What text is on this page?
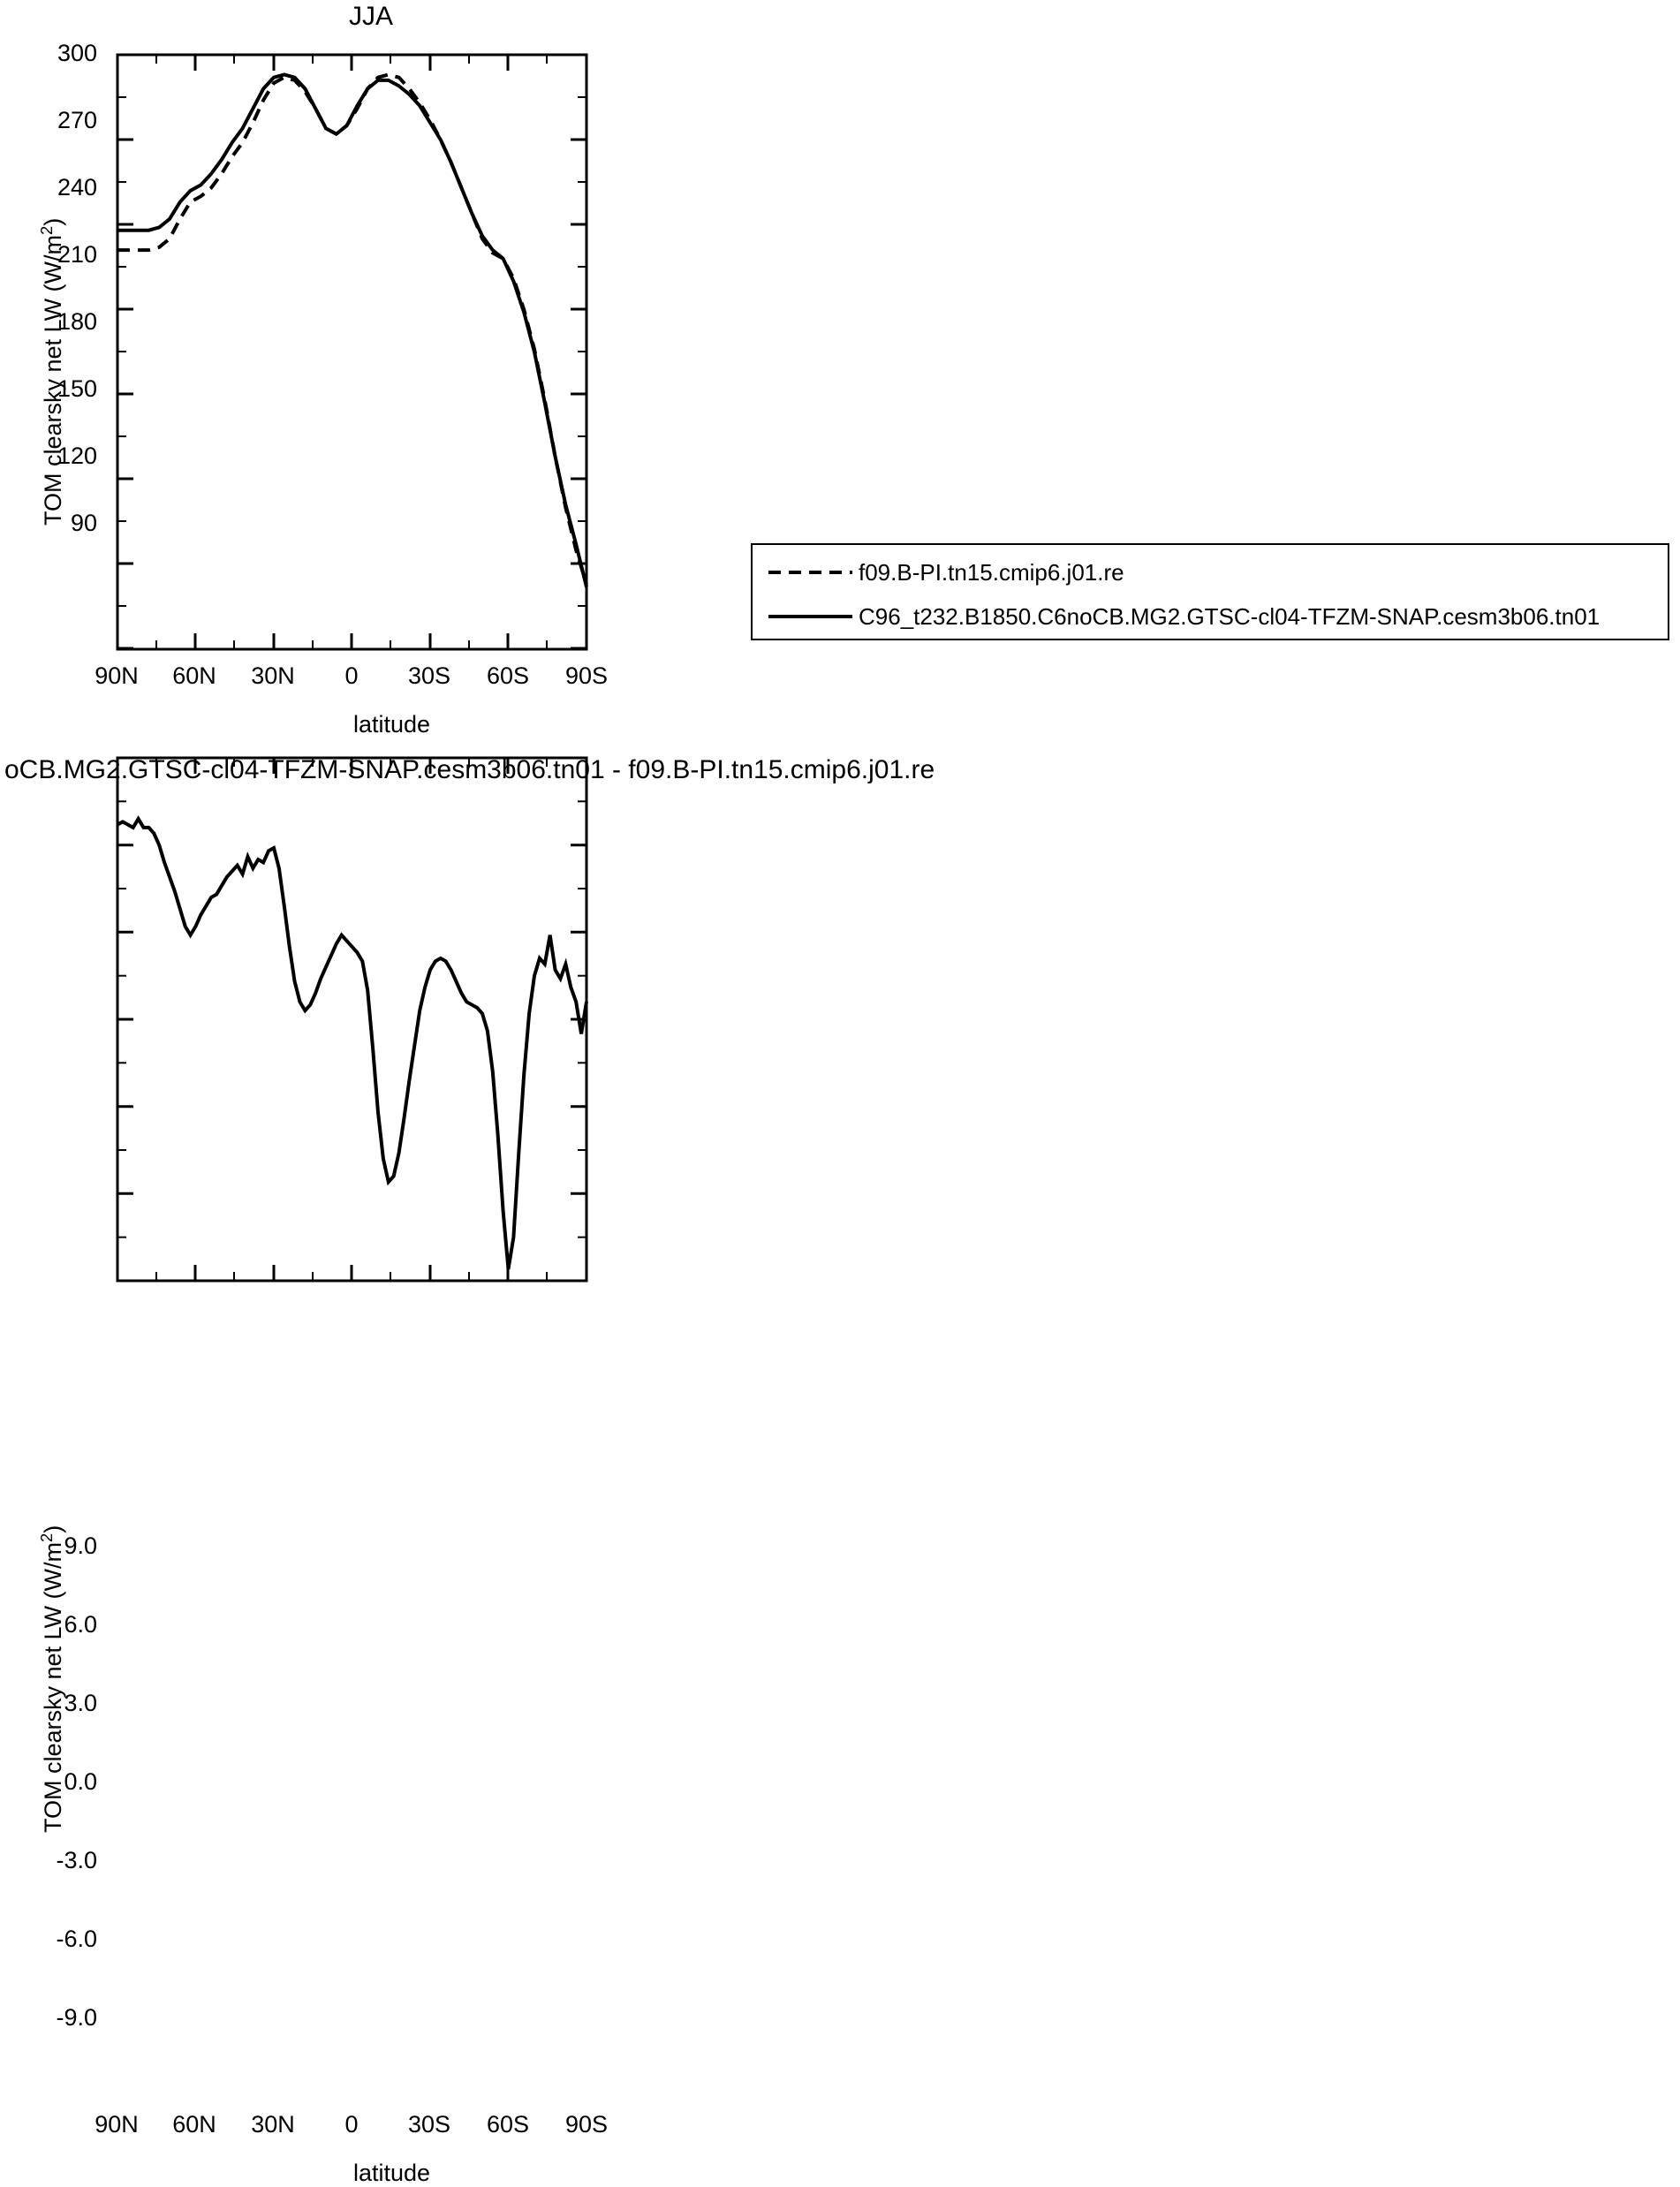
JJA
TOM clearsky net LW $(W/m^2)$
latitude
300
270
240
210
180
150
120
90
90N	60N	30N	0	30S	60S	90S
f09.B-PI.tn15.cmip6.j01.re
C96_t232.B1850.C6noCB.MG2.GTSC-cl04-TFZM-SNAP.cesm3b06.tn01
oCB.MG2.GTSC-cl04-TFZM-SNAP.cesm3b06.tn01 - f09.B-PI.tn15.cmip6.j01.re
TOM clearsky net LW $(W/m^2)$
latitude
9.0
6.0
3.0
0.0
-3.0
-6.0
-9.0
90N	60N	30N	0	30S	60S	90S
